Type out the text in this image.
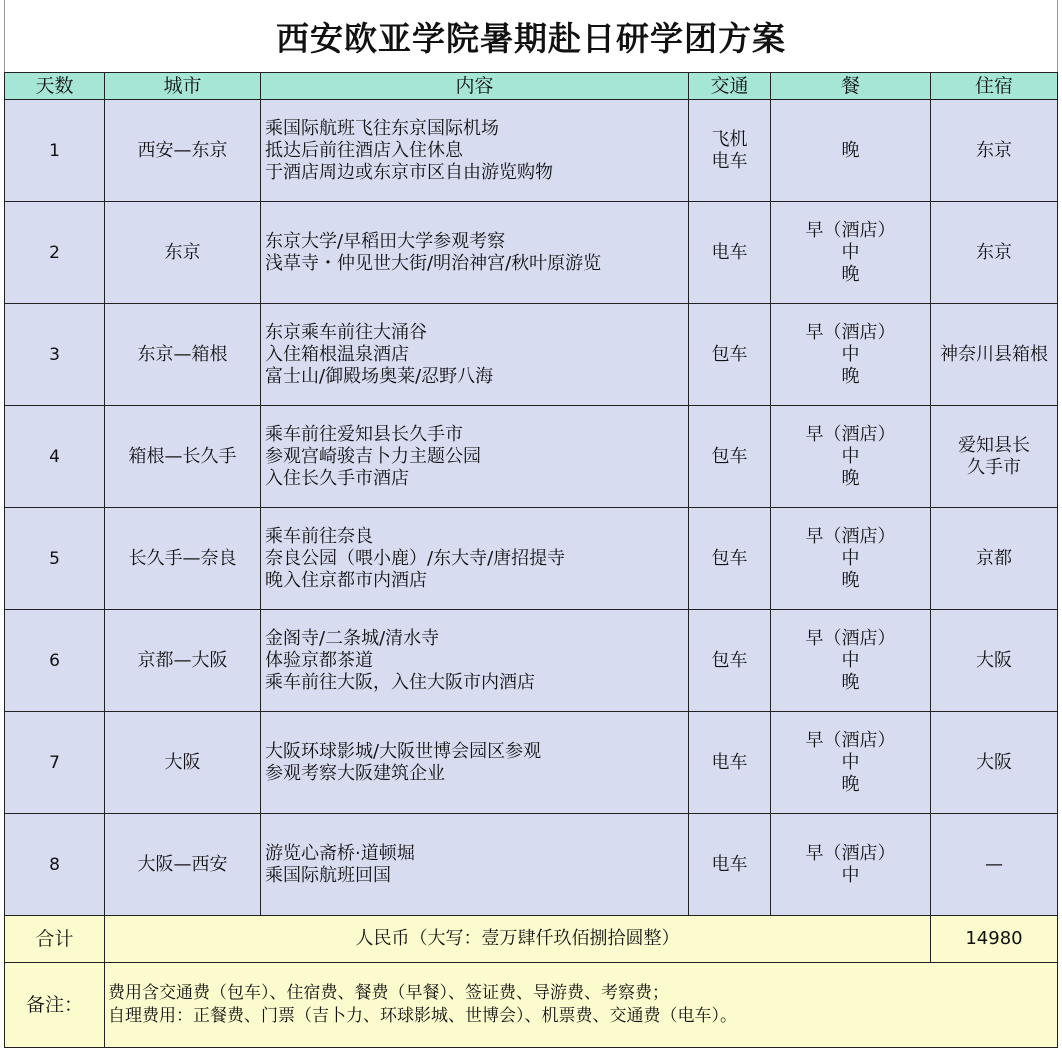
西安欧亚学院暑期赴日研学团方案
天数	城市	内容	交通	餐	住宿
1	西安—东京	乘国际航班飞往东京国际机场
抵达后前往酒店入住休息
于酒店周边或东京市区自由游览购物	飞机
电车	晚	东京

2	东京	东京大学/早稻田大学参观考察
浅草寺・仲见世大街/明治神宫/秋叶原游览	电车	早（酒店）
中
晚	东京

3	东京—箱根	东京乘车前往大涌谷
入住箱根温泉酒店
富士山/御殿场奥莱/忍野八海	包车	早（酒店）
中
晚	神奈川县箱根

4	箱根—长久手	乘车前往爱知县长久手市
参观宫崎骏吉卜力主题公园
入住长久手市酒店	包车	早（酒店）
中
晚	爱知县长
久手市

5	长久手—奈良	乘车前往奈良
奈良公园（喂小鹿）/东大寺/唐招提寺
晚入住京都市内酒店	包车	早（酒店）
中
晚	京都

6	京都—大阪	金阁寺/二条城/清水寺
体验京都茶道
乘车前往大阪，入住大阪市内酒店	包车	早（酒店）
中
晚	大阪

7	大阪	大阪环球影城/大阪世博会园区参观
参观考察大阪建筑企业	电车	早（酒店）
中
晚	大阪

8	大阪—西安	游览心斋桥·道顿堀
乘国际航班回国	电车	早（酒店）
中	—

合计	人民币（大写：壹万肆仟玖佰捌拾圆整）				14980
备注：	费用含交通费（包车）、住宿费、餐费（早餐）、签证费、导游费、考察费；
自理费用：正餐费、门票（吉卜力、环球影城、世博会）、机票费、交通费（电车）。				
